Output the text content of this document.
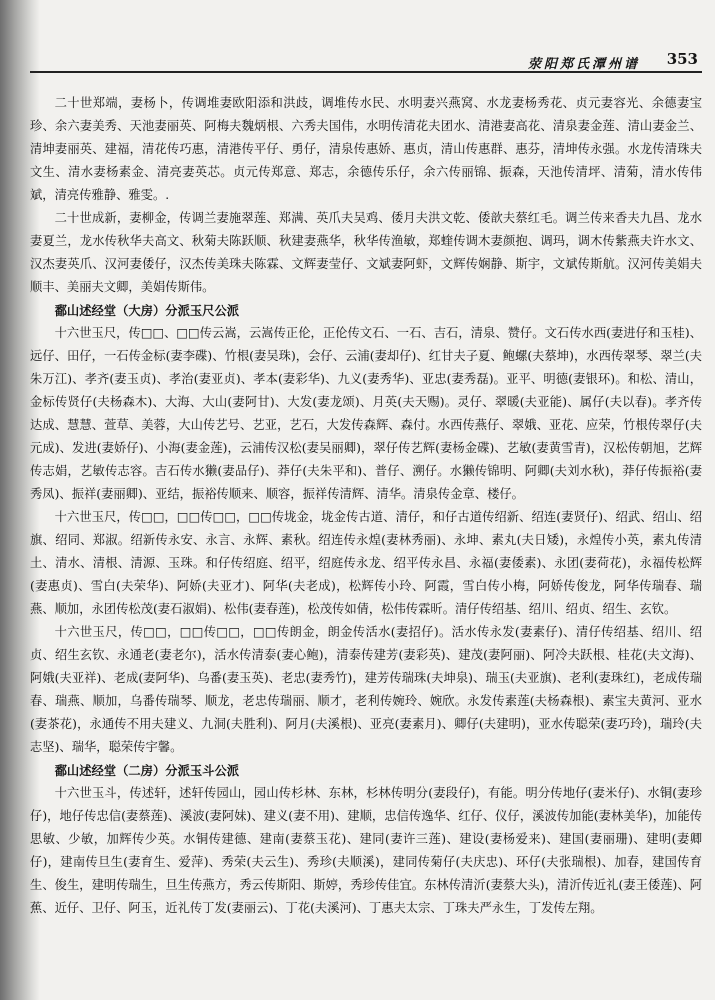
荥阳郑氏潭州谱 353

二十世郑端，妻杨卜，传调堆妻欧阳添和洪歧，调堆传水民、水明妻兴燕窝、水龙妻杨秀花、贞元妻容光、余德妻宝珍、余六妻美秀、天池妻丽英、阿梅夫魏炳根、六秀夫国伟，水明传清花夫团水、清港妻高花、清泉妻金莲、清山妻金兰、清坤妻丽英、建福，清花传巧惠，清港传平仔、勇仔，清泉传惠娇、惠贞，清山传惠群、惠芬，清坤传永强。水龙传清珠夫文生、清水妻杨素金、清亮妻英芯。贞元传郑意、郑志，余德传乐仔，余六传丽锦、振森，天池传清坪、清菊，清水传伟斌，清亮传雅静、雅雯。.

二十世成新，妻柳金，传调兰妻施翠莲、郑满、英爪夫吴鸡、倭月夫洪文乾、倭歆夫蔡红毛。调兰传来香夫九昌、龙水妻夏兰，龙水传秋华夫高文、秋菊夫陈跃顺、秋建妻燕华，秋华传渔敏，郑蝰传调木妻颜抱、调玛，调木传紫燕夫许水文、汉杰妻英爪、汉河妻倭仔，汉杰传美珠夫陈霖、文辉妻莹仔、文斌妻阿虾，文辉传娴静、斯宇，文斌传斯航。汉河传美娟夫顺丰、美丽夫文卿，美娟传斯伟。

鄱山述经堂（大房）分派玉尺公派

十六世玉尺，传□□、□□传云嵩，云嵩传正伦，正伦传文石、一石、吉石，清泉、赞仔。文石传水西(妻进仔和玉桂)、远仔、田仔，一石传金标(妻李碟)、竹根(妻吴珠)，会仔、云浦(妻却仔)、红甘夫子夏、鲍螺(夫蔡坤)，水西传翠琴、翠兰(夫朱万江)、孝齐(妻玉贞)、孝治(妻亚贞)、孝本(妻彩华)、九义(妻秀华)、亚忠(妻秀磊)。亚平、明德(妻银环)。和松、清山，金标传贤仔(夫杨森木)、大海、大山(妻阿甘)、大发(妻龙颂)、月英(夫天赐)。灵仔、翠暖(夫亚能)、属仔(夫以春)。孝齐传达成、慧慧、萱草、美蓉，大山传艺号、艺亚，艺石，大发传森辉、森付。水西传燕仔、翠娥、亚花、应荣，竹根传翠仔(夫元成)、发进(妻娇仔)、小海(妻金莲)，云浦传汉松(妻吴丽卿)，翠仔传艺辉(妻杨金碟)、艺敏(妻黄雪青)，汉松传朝旭，艺辉传志娟，艺敏传志容。吉石传水獭(妻品仔)、莽仔(夫朱平和)、普仔、溯仔。水獭传锦明、阿卿(夫刘水秋)，莽仔传振裕(妻秀凤)、振祥(妻丽卿)、亚结，振裕传顺来、顺容，振祥传清辉、清华。清泉传金章、楼仔。

十六世玉尺，传□□，□□传□□，□□传垅金，垅金传古道、清仔，和仔古道传绍新、绍连(妻贤仔)、绍武、绍山、绍旗、绍同、郑淑。绍新传永安、永言、永辉、素秋。绍连传永煌(妻林秀丽)、永坤、素丸(夫日矮)，永煌传小英，素丸传清土、清水、清根、清源、玉珠。和仔传绍庭、绍平，绍庭传永龙、绍平传永昌、永福(妻倭素)、永团(妻荷花)，永福传松辉(妻惠贞)、雪白(夫荣华)、阿娇(夫亚才)、阿华(夫老成)，松辉传小玲、阿霞，雪白传小梅，阿娇传俊龙，阿华传瑞春、瑞燕、顺加，永团传松茂(妻石淑娟)、松伟(妻春莲)，松茂传如倩，松伟传霖昕。清仔传绍基、绍川、绍贞、绍生、玄钦。

十六世玉尺，传□□，□□传□□，□□传朗金，朗金传活水(妻招仔)。活水传永发(妻素仔)、清仔传绍基、绍川、绍贞、绍生玄钦、永通老(妻老尔)，活水传清泰(妻心鲍)，清泰传建芳(妻彩英)、建茂(妻阿丽)、阿冷夫跃根、桂花(夫文海)、阿娥(夫亚祥)、老成(妻阿华)、乌番(妻玉英)、老忠(妻秀竹)，建芳传瑞珠(夫坤泉)、瑞玉(夫亚旗)、老利(妻珠红)，老成传瑞春、瑞燕、顺加，乌番传瑞琴、顺龙，老忠传瑞丽、顺才，老利传婉玲、婉欣。永发传素莲(夫杨森根)、素宝夫黄河、亚水(妻茶花)，永通传不用夫建义、九洞(夫胜利)、阿月(夫溪根)、亚亮(妻素月)、卿仔(夫建明)，亚水传聪荣(妻巧玲)，瑞玲(夫志坚)、瑞华，聪荣传宇馨。

鄱山述经堂（二房）分派玉斗公派

十六世玉斗，传述轩，述轩传园山，园山传杉林、东林，杉林传明分(妻段仔)，有能。明分传地仔(妻米仔)、水铜(妻珍仔)，地仔传忠信(妻蔡莲)、溪波(妻阿妹)、建义(妻不用)、建顺，忠信传逸华、红仔、仪仔，溪波传加能(妻林美华)，加能传思敏、少敏，加辉传少英。水铜传建德、建南(妻蔡玉花)、建同(妻许三莲)、建设(妻杨爱来)、建国(妻丽珊)、建明(妻卿仔)，建南传旦生(妻育生、爱萍)、秀荣(夫云生)、秀珍(夫顺溪)，建同传菊仔(夫庆忠)、环仔(夫张瑞根)、加春，建国传育生、俊生，建明传瑞生，旦生传燕方，秀云传斯阳、斯婷，秀珍传佳宜。东林传清沂(妻蔡大头)，清沂传近礼(妻王倭莲)、阿蕉、近仔、卫仔、阿玉，近礼传丁发(妻丽云)、丁花(夫溪河)、丁惠夫太宗、丁珠夫严永生，丁发传左翔。
